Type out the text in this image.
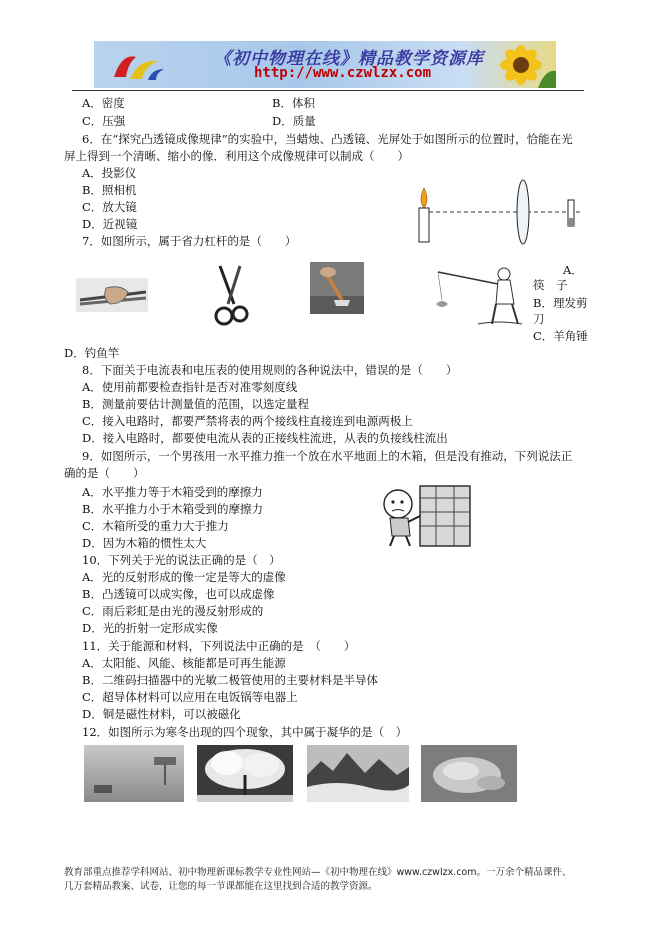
《初中物理在线》精品教学资源库
http://www.czwlzx.com
A．密度	B．体积
C．压强	D．质量
6．在“探究凸透镜成像规律”的实验中，当蜡烛、凸透镜、光屏处于如图所示的位置时，恰能在光
屏上得到一个清晰、缩小的像．利用这个成像规律可以制成（　　）
A．投影仪
B．照相机
C．放大镜
D．近视镜
7．如图所示，属于省力杠杆的是（　　）
A．
筷　子
B．理发剪
刀
C．羊角锤
D．钓鱼竿
8．下面关于电流表和电压表的使用规则的各种说法中，错误的是（　　）
A．使用前都要检查指针是否对准零刻度线
B．测量前要估计测量值的范围，以选定量程
C．接入电路时，都要严禁将表的两个接线柱直接连到电源两极上
D．接入电路时，都要使电流从表的正接线柱流进，从表的负接线柱流出
9．如图所示，一个男孩用一水平推力推一个放在水平地面上的木箱，但是没有推动，下列说法正
确的是（　　）
A．水平推力等于木箱受到的摩擦力
B．水平推力小于木箱受到的摩擦力
C．木箱所受的重力大于推力
D．因为木箱的惯性太大
10．下列关于光的说法正确的是（　）
A．光的反射形成的像一定是等大的虚像
B．凸透镜可以成实像，也可以成虚像
C．雨后彩虹是由光的漫反射形成的
D．光的折射一定形成实像
11．关于能源和材料，下列说法中正确的是　（　　）
A．太阳能、风能、核能都是可再生能源
B．二维码扫描器中的光敏二极管使用的主要材料是半导体
C．超导体材料可以应用在电饭锅等电器上
D．铜是磁性材料，可以被磁化
12．如图所示为寒冬出现的四个现象，其中属于凝华的是（　）
教育部重点推荐学科网站、初中物理新课标教学专业性网站—《初中物理在线》www.czwlzx.com。一万余个精品课件、
几万套精品教案、试卷，让您的每一节课都能在这里找到合适的教学资源。
